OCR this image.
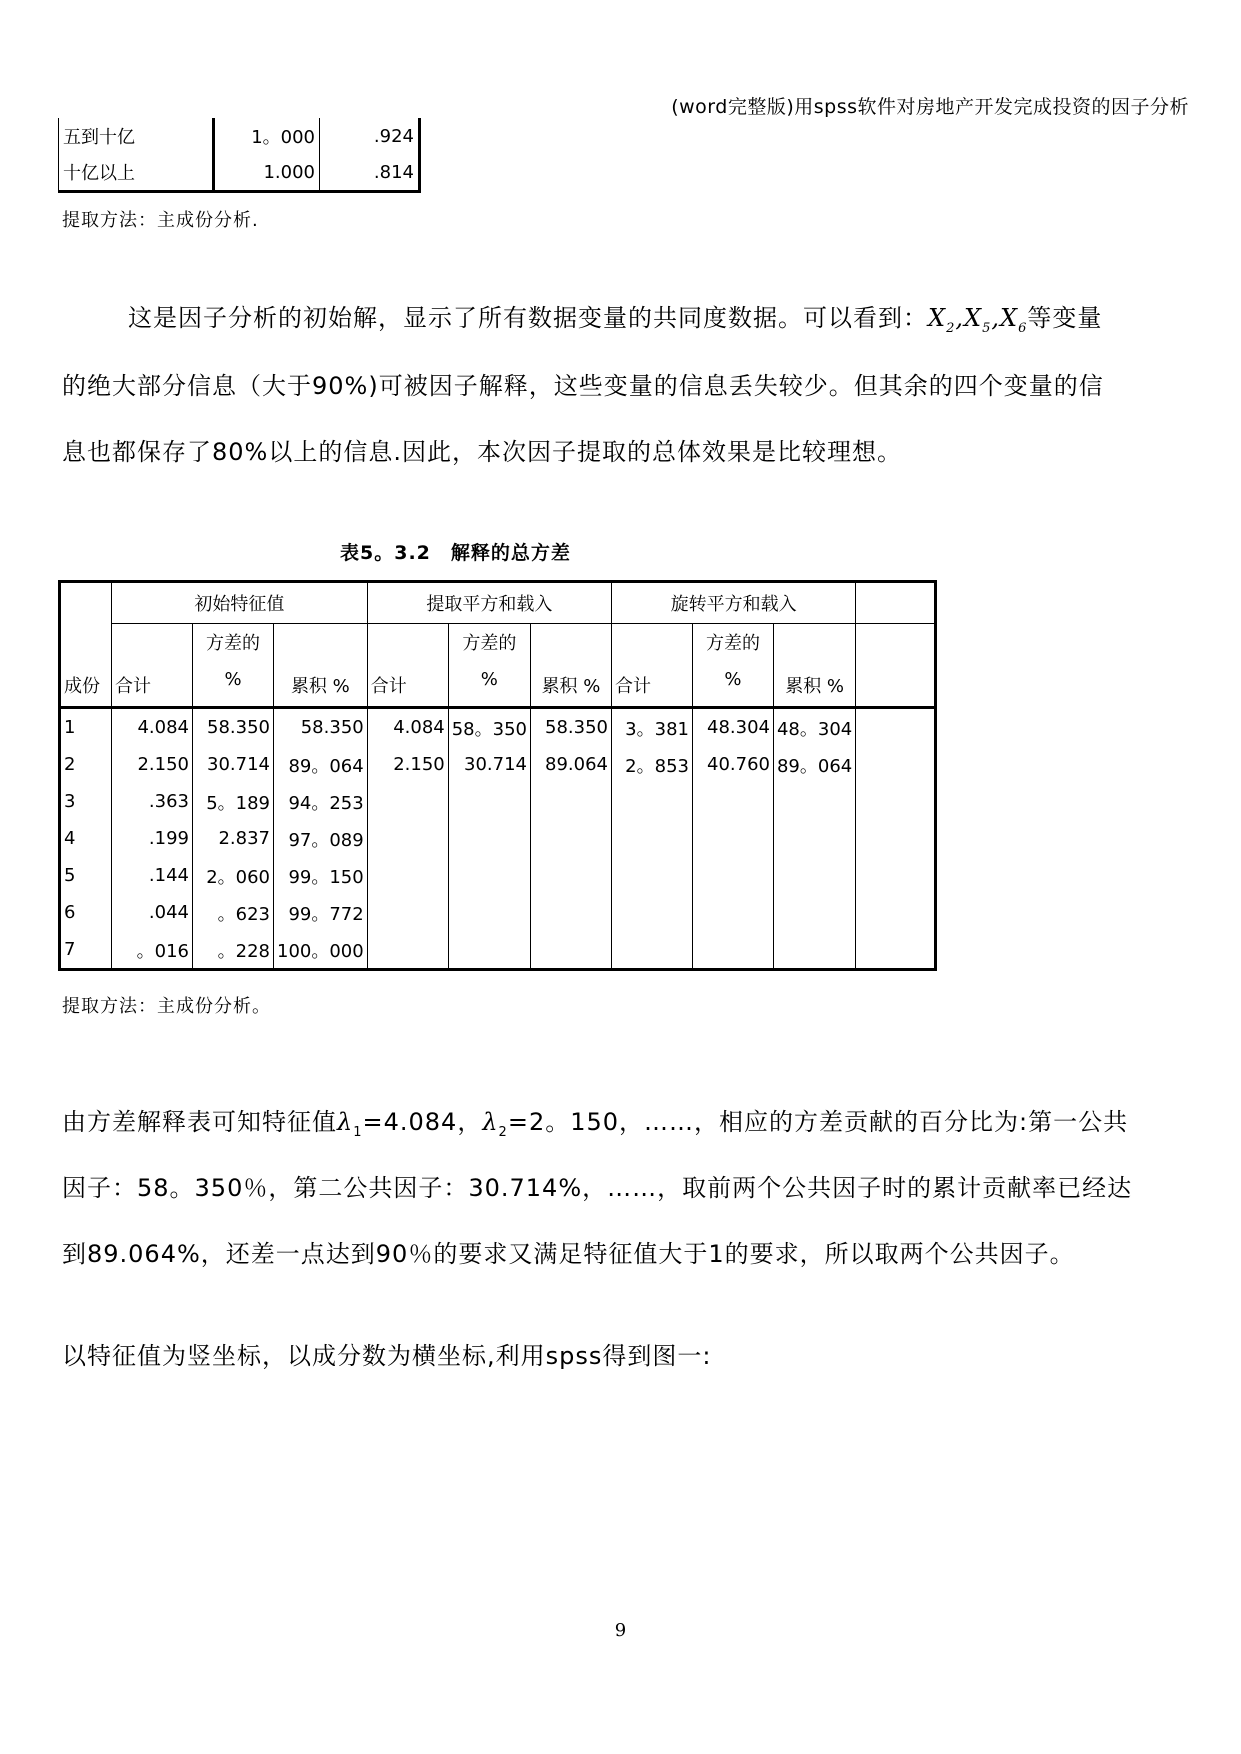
(word完整版)用spss软件对房地产开发完成投资的因子分析
五到十亿	1。000	.924
十亿以上	1.000	.814
提取方法：主成份分析.
这是因子分析的初始解，显示了所有数据变量的共同度数据。可以看到：$X_2,X_5,X_6$等变量
的绝大部分信息（大于90%)可被因子解释，这些变量的信息丢失较少。但其余的四个变量的信
息也都保存了80%以上的信息.因此，本次因子提取的总体效果是比较理想。
表5。3.2　解释的总方差
	初始特征值			提取平方和载入			旋转平方和载入			
成份	合计	方差的 %	累积 %	合计	方差的 %	累积 %	合计	方差的 %	累积 %	
1	4.084	58.350	58.350	4.084	58。350	58.350	3。381	48.304	48。304	
2	2.150	30.714	89。064	2.150	30.714	89.064	2。853	40.760	89。064	
3	.363	5。189	94。253							
4	.199	2.837	97。089							
5	.144	2。060	99。150							
6	.044	。623	99。772							
7	。016	。228	100。000							
提取方法：主成份分析。
由方差解释表可知特征值$\lambda_1=4.084$，$\lambda_2=2$。150，……，相应的方差贡献的百分比为:第一公共
因子：58。350％，第二公共因子：30.714%，……，取前两个公共因子时的累计贡献率已经达
到89.064%，还差一点达到90％的要求又满足特征值大于1的要求，所以取两个公共因子。
以特征值为竖坐标，以成分数为横坐标,利用spss得到图一:
9
